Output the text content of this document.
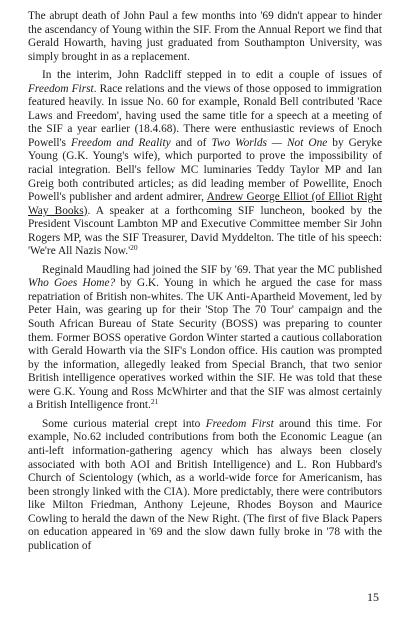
The abrupt death of John Paul a few months into '69 didn't appear to hinder the ascendancy of Young within the SIF. From the Annual Report we find that Gerald Howarth, having just graduated from Southampton University, was simply brought in as a replacement.

In the interim, John Radcliff stepped in to edit a couple of issues of Freedom First. Race relations and the views of those opposed to immigration featured heavily. In issue No. 60 for example, Ronald Bell contributed 'Race Laws and Freedom', having used the same title for a speech at a meeting of the SIF a year earlier (18.4.68). There were enthusiastic reviews of Enoch Powell's Freedom and Reality and of Two Worlds — Not One by Geryke Young (G.K. Young's wife), which purported to prove the impossibility of racial integration. Bell's fellow MC luminaries Teddy Taylor MP and Ian Greig both contributed articles; as did leading member of Powellite, Enoch Powell's publisher and ardent admirer, Andrew George Elliot (of Elliot Right Way Books). A speaker at a forthcoming SIF luncheon, booked by the President Viscount Lambton MP and Executive Committee member Sir John Rogers MP, was the SIF Treasurer, David Myddelton. The title of his speech: 'We're All Nazis $Now.'^{20}$

Reginald Maudling had joined the SIF by '69. That year the MC published Who Goes Home? by G.K. Young in which he argued the case for mass repatriation of British non-whites. The UK Anti-Apartheid Movement, led by Peter Hain, was gearing up for their 'Stop The 70 Tour' campaign and the South African Bureau of State Security (BOSS) was preparing to counter them. Former BOSS operative Gordon Winter started a cautious collaboration with Gerald Howarth via the SIF's London office. His caution was prompted by the information, allegedly leaked from Special Branch, that two senior British intelligence operatives worked within the SIF. He was told that these were G.K. Young and Ross McWhirter and that the SIF was almost certainly a British Intelligence front.$^{21}$

Some curious material crept into Freedom First around this time. For example, No.62 included contributions from both the Economic League (an anti-left information-gathering agency which has always been closely associated with both AOI and British Intelligence) and L. Ron Hubbard's Church of Scientology (which, as a world-wide force for Americanism, has been strongly linked with the CIA). More predictably, there were contributors like Milton Friedman, Anthony Lejeune, Rhodes Boyson and Maurice Cowling to herald the dawn of the New Right. (The first of five Black Papers on education appeared in '69 and the slow dawn fully broke in '78 with the publication of

15
